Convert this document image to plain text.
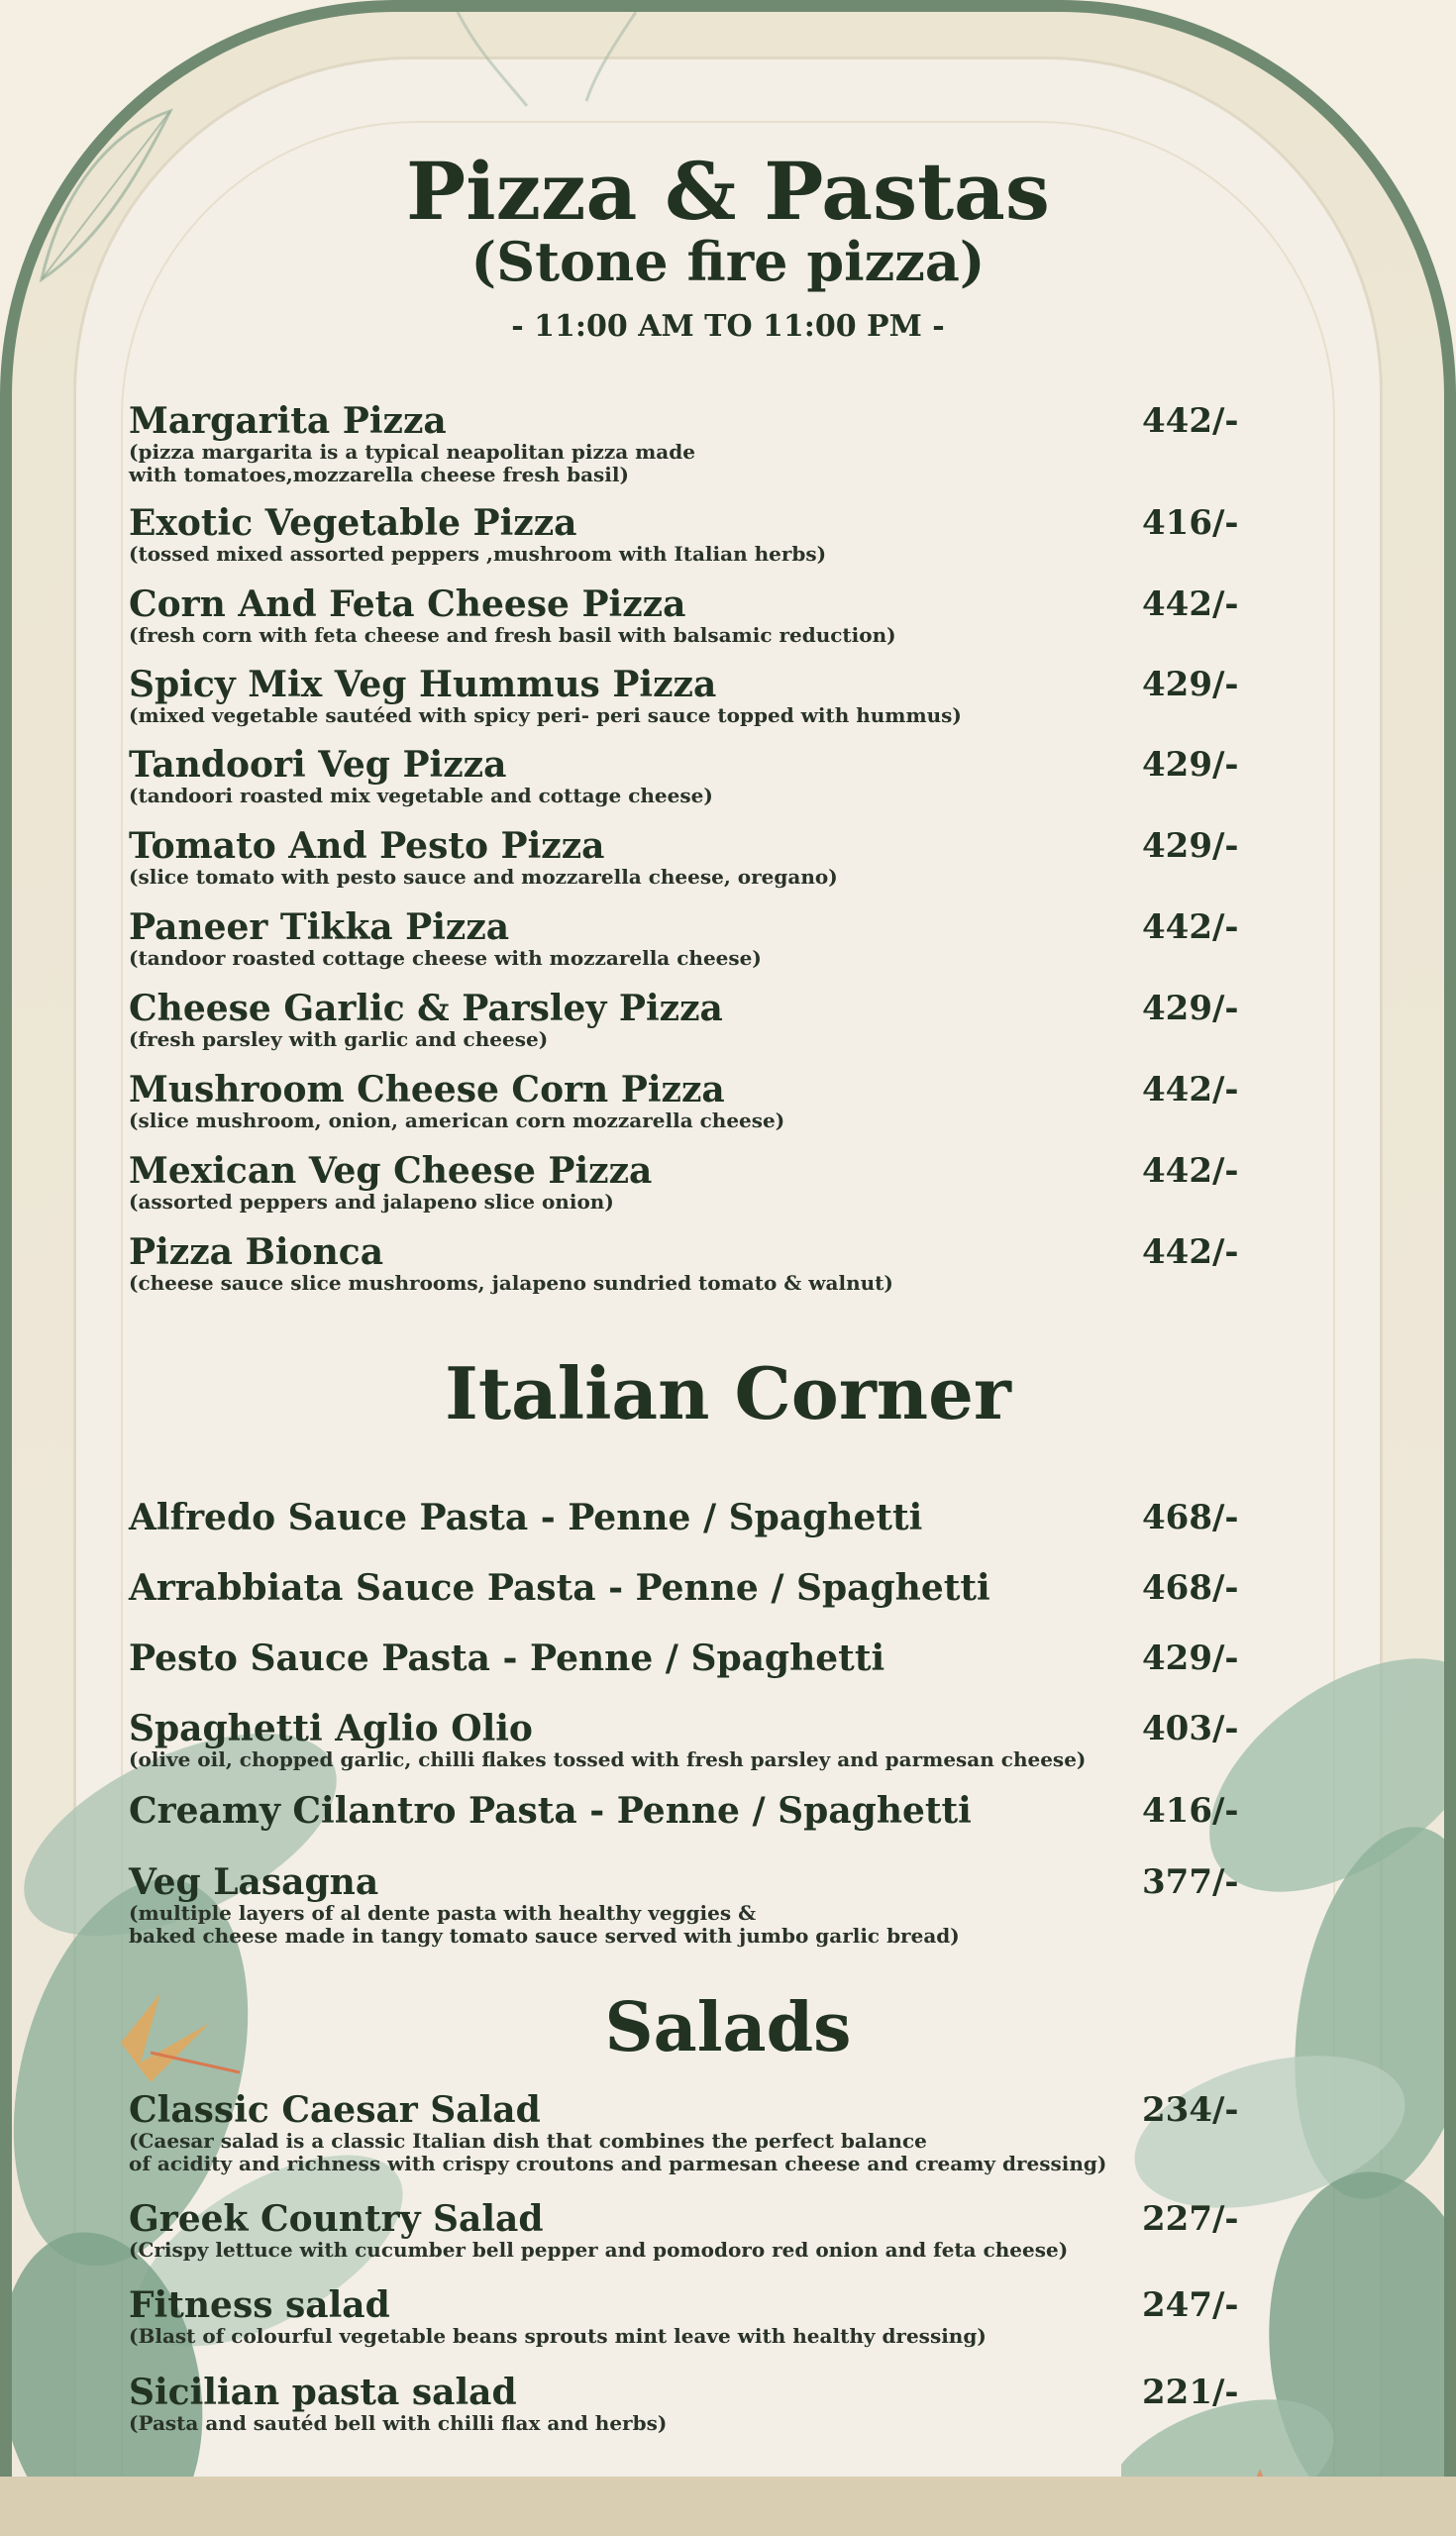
Pizza & Pastas
(Stone fire pizza)
- 11:00 AM TO 11:00 PM -
Margarita Pizza
(pizza margarita is a typical neapolitan pizza made
with tomatoes,mozzarella cheese fresh basil)
442/-
Exotic Vegetable Pizza
(tossed mixed assorted peppers ,mushroom with Italian herbs)
416/-
Corn And Feta Cheese Pizza
(fresh corn with feta cheese and fresh basil with balsamic reduction)
442/-
Spicy Mix Veg Hummus Pizza
(mixed vegetable sautéed with spicy peri- peri sauce topped with hummus)
429/-
Tandoori Veg Pizza
(tandoori roasted mix vegetable and cottage cheese)
429/-
Tomato And Pesto Pizza
(slice tomato with pesto sauce and mozzarella cheese, oregano)
429/-
Paneer Tikka Pizza
(tandoor roasted cottage cheese with mozzarella cheese)
442/-
Cheese Garlic & Parsley Pizza
(fresh parsley with garlic and cheese)
429/-
Mushroom Cheese Corn Pizza
(slice mushroom, onion, american corn mozzarella cheese)
442/-
Mexican Veg Cheese Pizza
(assorted peppers and jalapeno slice onion)
442/-
Pizza Bionca
(cheese sauce slice mushrooms, jalapeno sundried tomato & walnut)
442/-
Italian Corner
Alfredo Sauce Pasta - Penne / Spaghetti	468/-
Arrabbiata Sauce Pasta - Penne / Spaghetti	468/-
Pesto Sauce Pasta - Penne / Spaghetti	429/-
Spaghetti Aglio Olio
(olive oil, chopped garlic, chilli flakes tossed with fresh parsley and parmesan cheese)
403/-
Creamy Cilantro Pasta - Penne / Spaghetti	416/-
Veg Lasagna
(multiple layers of al dente pasta with healthy veggies &
baked cheese made in tangy tomato sauce served with jumbo garlic bread)
377/-
Salads
Classic Caesar Salad
(Caesar salad is a classic Italian dish that combines the perfect balance
of acidity and richness with crispy croutons and parmesan cheese and creamy dressing)
234/-
Greek Country Salad
(Crispy lettuce with cucumber bell pepper and pomodoro red onion and feta cheese)
227/-
Fitness salad
(Blast of colourful vegetable beans sprouts mint leave with healthy dressing)
247/-
Sicilian pasta salad
(Pasta and sautéd bell with chilli flax and herbs)
221/-
